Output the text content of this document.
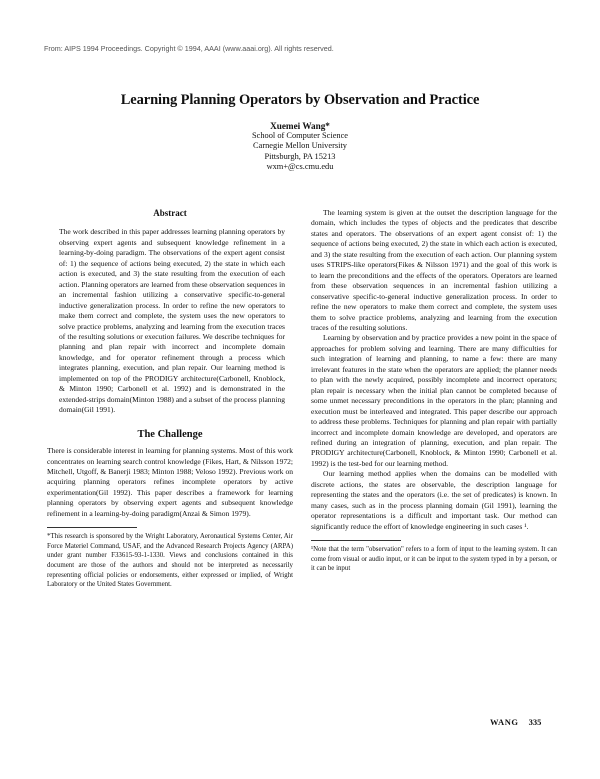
From: AIPS 1994 Proceedings. Copyright © 1994, AAAI (www.aaai.org). All rights reserved.
Learning Planning Operators by Observation and Practice
Xuemei Wang*
School of Computer Science
Carnegie Mellon University
Pittsburgh, PA 15213
wxm+@cs.cmu.edu
Abstract

The work described in this paper addresses learning planning operators by observing expert agents and subsequent knowledge refinement in a learning-by-doing paradigm. The observations of the expert agent consist of: 1) the sequence of actions being executed, 2) the state in which each action is executed, and 3) the state resulting from the execution of each action. Planning operators are learned from these observation sequences in an incremental fashion utilizing a conservative specific-to-general inductive generalization process. In order to refine the new operators to make them correct and complete, the system uses the new operators to solve practice problems, analyzing and learning from the execution traces of the resulting solutions or execution failures. We describe techniques for planning and plan repair with incorrect and incomplete domain knowledge, and for operator refinement through a process which integrates planning, execution, and plan repair. Our learning method is implemented on top of the PRODIGY architecture(Carbonell, Knoblock, & Minton 1990; Carbonell et al. 1992) and is demonstrated in the extended-strips domain(Minton 1988) and a subset of the process planning domain(Gil 1991).

The Challenge

There is considerable interest in learning for planning systems. Most of this work concentrates on learning search control knowledge (Fikes, Hart, & Nilsson 1972; Mitchell, Utgoff, & Banerji 1983; Minton 1988; Veloso 1992). Previous work on acquiring planning operators refines incomplete operators by active experimentation(Gil 1992). This paper describes a framework for learning planning operators by observing expert agents and subsequent knowledge refinement in a learning-by-doing paradigm(Anzai & Simon 1979).

*This research is sponsored by the Wright Laboratory, Aeronautical Systems Center, Air Force Materiel Command, USAF, and the Advanced Research Projects Agency (ARPA) under grant number F33615-93-1-1330. Views and conclusions contained in this document are those of the authors and should not be interpreted as necessarily representing official policies or endorsements, either expressed or implied, of Wright Laboratory or the United States Government.

The learning system is given at the outset the description language for the domain, which includes the types of objects and the predicates that describe states and operators. The observations of an expert agent consist of: 1) the sequence of actions being executed, 2) the state in which each action is executed, and 3) the state resulting from the execution of each action. Our planning system uses STRIPS-like operators(Fikes & Nilsson 1971) and the goal of this work is to learn the preconditions and the effects of the operators. Operators are learned from these observation sequences in an incremental fashion utilizing a conservative specific-to-general inductive generalization process. In order to refine the new operators to make them correct and complete, the system uses them to solve practice problems, analyzing and learning from the execution traces of the resulting solutions.

Learning by observation and by practice provides a new point in the space of approaches for problem solving and learning. There are many difficulties for such integration of learning and planning, to name a few: there are many irrelevant features in the state when the operators are applied; the planner needs to plan with the newly acquired, possibly incomplete and incorrect operators; plan repair is necessary when the initial plan cannot be completed because of some unmet necessary preconditions in the operators in the plan; planning and execution must be interleaved and integrated. This paper describe our approach to address these problems. Techniques for planning and plan repair with partially incorrect and incomplete domain knowledge are developed, and operators are refined during an integration of planning, execution, and plan repair. The PRODIGY architecture(Carbonell, Knoblock, & Minton 1990; Carbonell et al. 1992) is the test-bed for our learning method.

Our learning method applies when the domains can be modelled with discrete actions, the states are observable, the description language for representing the states and the operators (i.e. the set of predicates) is known. In many cases, such as in the process planning domain (Gil 1991), learning the operator representations is a difficult and important task. Our method can significantly reduce the effort of knowledge engineering in such cases ¹.

¹Note that the term "observation" refers to a form of input to the learning system. It can come from visual or audio input, or it can be input to the system typed in by a person, or it can be input

WANG 335
